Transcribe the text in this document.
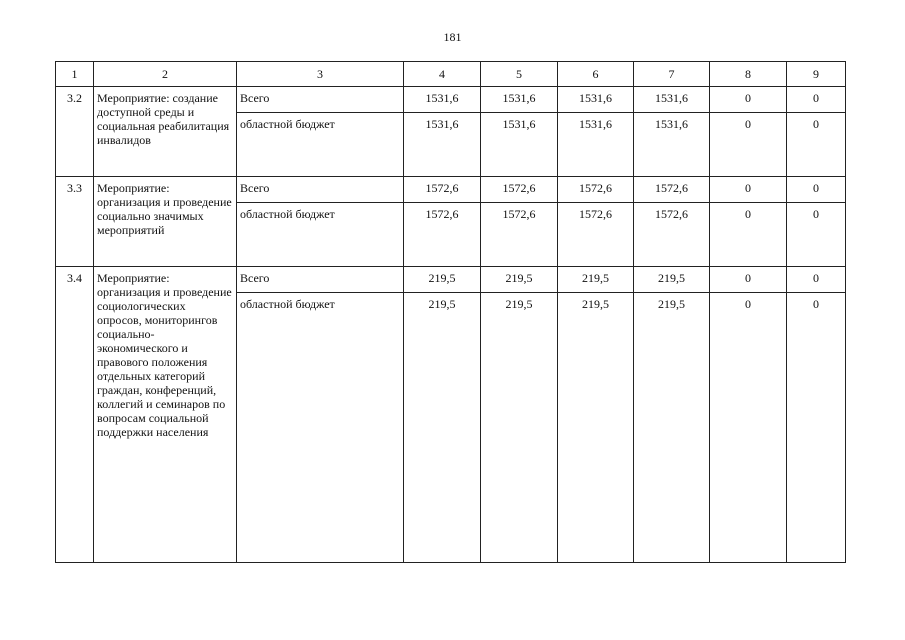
181
1	2	3	4	5	6	7	8	9
3.2	Мероприятие: создание доступной среды и социальная реабилитация инвалидов	Всего	1531,6	1531,6	1531,6	1531,6	0	0
		областной бюджет	1531,6	1531,6	1531,6	1531,6	0	0
3.3	Мероприятие: организация и проведение социально значимых мероприятий	Всего	1572,6	1572,6	1572,6	1572,6	0	0
		областной бюджет	1572,6	1572,6	1572,6	1572,6	0	0
3.4	Мероприятие: организация и проведение социологических опросов, мониторингов социально-экономического и правового положения отдельных категорий граждан, конференций, коллегий и семинаров по вопросам социальной поддержки населения	Всего	219,5	219,5	219,5	219,5	0	0
		областной бюджет	219,5	219,5	219,5	219,5	0	0
